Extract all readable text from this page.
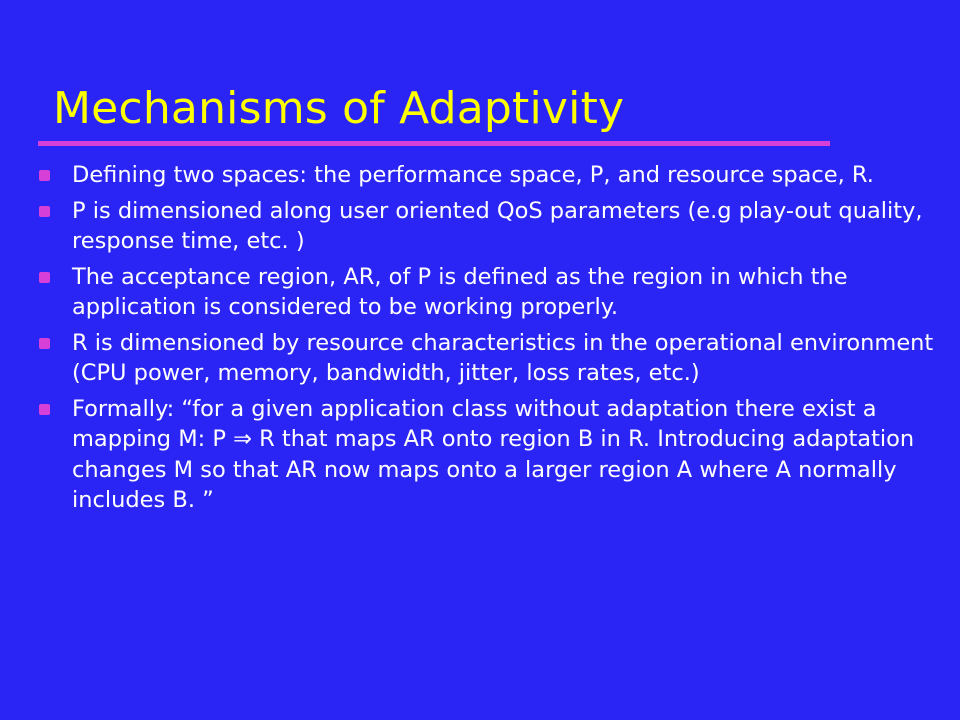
Mechanisms of Adaptivity
Defining two spaces: the performance space, P, and resource space, R.
P is dimensioned along user oriented QoS parameters (e.g play-out quality, response time, etc. )
The acceptance region, AR, of P is defined as the region in which the application is considered to be working properly.
R is dimensioned by resource characteristics in the operational environment (CPU power, memory, bandwidth, jitter, loss rates, etc.)
Formally: “for a given application class without adaptation there exist a mapping M: P ⇒ R that maps AR onto region B in R. Introducing adaptation changes M so that AR now maps onto a larger region A where A normally includes B. ”
